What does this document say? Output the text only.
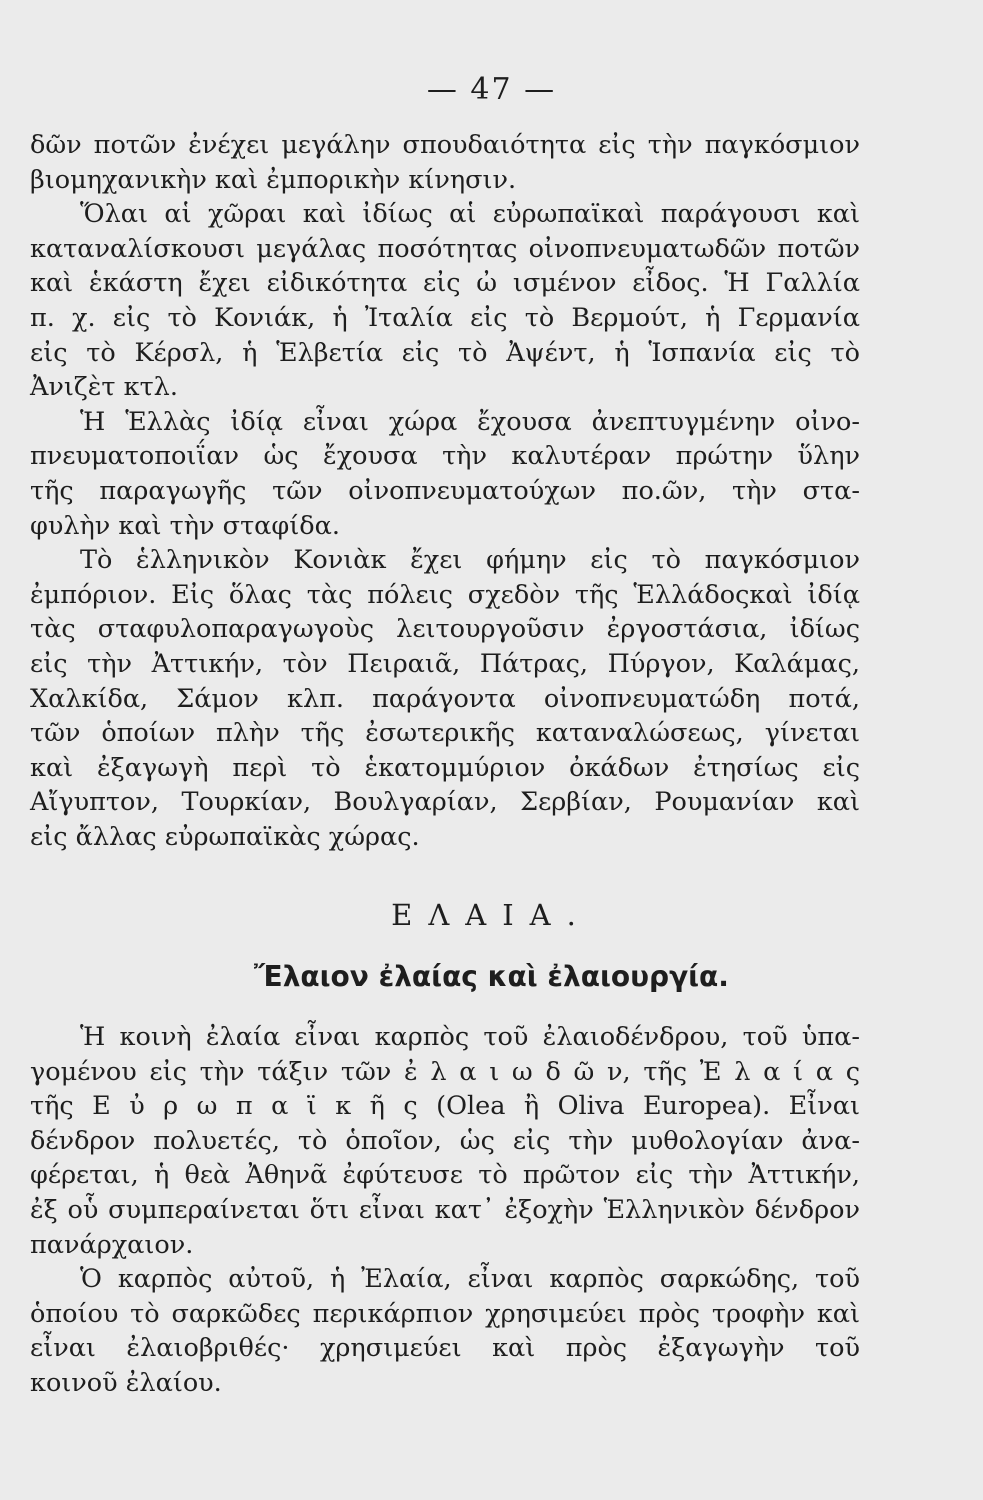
— 47 —

δῶν ποτῶν ἐνέχει μεγάλην σπουδαιότητα εἰς τὴν παγκόσμιον
βιομηχανικὴν καὶ ἐμπορικὴν κίνησιν.

Ὅλαι αἱ χῶραι καὶ ἰδίως αἱ εὐρωπαϊκαὶ παράγουσι καὶ
καταναλίσκουσι μεγάλας ποσότητας οἰνοπνευματωδῶν ποτῶν
καὶ ἑκάστη ἔχει εἰδικότητα εἰς ὠ ισμένον εἶδος. Ἡ Γαλλία
π. χ. εἰς τὸ Κονιάκ, ἡ Ἰταλία εἰς τὸ Βερμούτ, ἡ Γερμανία
εἰς τὸ Κέρσλ, ἡ Ἑλβετία εἰς τὸ Ἀψέντ, ἡ Ἱσπανία εἰς τὸ
Ἀνιζὲτ κτλ.

Ἡ Ἑλλὰς ἰδίᾳ εἶναι χώρα ἔχουσα ἀνεπτυγμένην οἰνο-
πνευματοποιΐαν ὡς ἔχουσα τὴν καλυτέραν πρώτην ὕλην
τῆς παραγωγῆς τῶν οἰνοπνευματούχων πο.ῶν, τὴν στα-
φυλὴν καὶ τὴν σταφίδα.

Τὸ ἑλληνικὸν Κονιὰκ ἔχει φήμην εἰς τὸ παγκόσμιον
ἐμπόριον. Εἰς ὅλας τὰς πόλεις σχεδὸν τῆς Ἑλλάδοςκαὶ ἰδίᾳ
τὰς σταφυλοπαραγωγοὺς λειτουργοῦσιν ἐργοστάσια, ἰδίως
εἰς τὴν Ἀττικήν, τὸν Πειραιᾶ, Πάτρας, Πύργον, Καλάμας,
Χαλκίδα, Σάμον κλπ. παράγοντα οἰνοπνευματώδη ποτά,
τῶν ὁποίων πλὴν τῆς ἐσωτερικῆς καταναλώσεως, γίνεται
καὶ ἐξαγωγὴ περὶ τὸ ἑκατομμύριον ὀκάδων ἐτησίως εἰς
Αἴγυπτον, Τουρκίαν, Βουλγαρίαν, Σερβίαν, Ρουμανίαν καὶ
εἰς ἄλλας εὐρωπαϊκὰς χώρας.

ΕΛΑΙΑ.
Ἔλαιον ἐλαίας καὶ ἐλαιουργία.

Ἡ κοινὴ ἐλαία εἶναι καρπὸς τοῦ ἐλαιοδένδρου, τοῦ ὑπα-
γομένου εἰς τὴν τάξιν τῶν ἐ λ α ι ω δ ῶ ν, τῆς Ἐ λ α ί α ς
τῆς Ε ὐ ρ ω π α ϊ κ ῆ ς (Olea ἢ Oliva Europea). Εἶναι
δένδρον πολυετές, τὸ ὁποῖον, ὡς εἰς τὴν μυθολογίαν ἀνα-
φέρεται, ἡ θεὰ Ἀθηνᾶ ἐφύτευσε τὸ πρῶτον εἰς τὴν Ἀττικήν,
ἐξ οὗ συμπεραίνεται ὅτι εἶναι κατ᾽ ἐξοχὴν Ἑλληνικὸν δένδρον
πανάρχαιον.

Ὁ καρπὸς αὐτοῦ, ἡ Ἐλαία, εἶναι καρπὸς σαρκώδης, τοῦ
ὁποίου τὸ σαρκῶδες περικάρπιον χρησιμεύει πρὸς τροφὴν καὶ
εἶναι ἐλαιοβριθές· χρησιμεύει καὶ πρὸς ἐξαγωγὴν τοῦ
κοινοῦ ἐλαίου.
